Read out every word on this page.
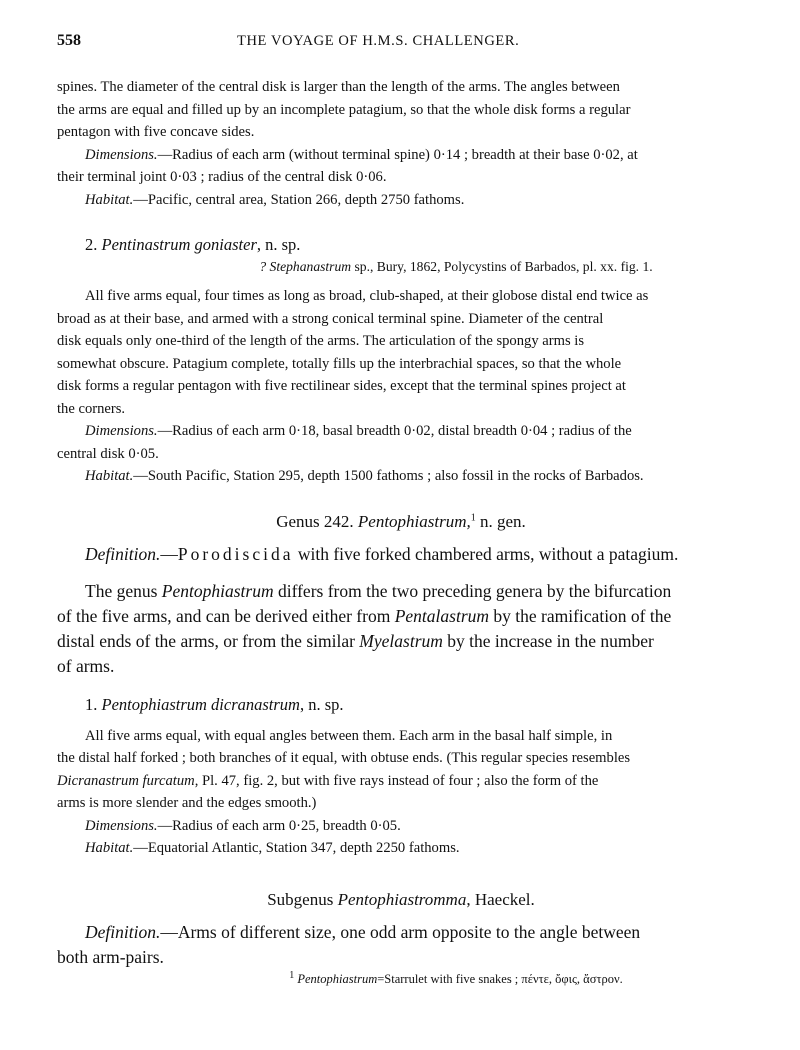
558	THE VOYAGE OF H.M.S. CHALLENGER.

spines. The diameter of the central disk is larger than the length of the arms. The angles between

the arms are equal and filled up by an incomplete patagium, so that the whole disk forms a regular

pentagon with five concave sides.

Dimensions.—Radius of each arm (without terminal spine) 0·14 ; breadth at their base 0·02, at

their terminal joint 0·03 ; radius of the central disk 0·06.

Habitat.—Pacific, central area, Station 266, depth 2750 fathoms.

2. Pentinastrum goniaster, n. sp.

? Stephanastrum sp., Bury, 1862, Polycystins of Barbados, pl. xx. fig. 1.

All five arms equal, four times as long as broad, club-shaped, at their globose distal end twice as

broad as at their base, and armed with a strong conical terminal spine. Diameter of the central

disk equals only one-third of the length of the arms. The articulation of the spongy arms is

somewhat obscure. Patagium complete, totally fills up the interbrachial spaces, so that the whole

disk forms a regular pentagon with five rectilinear sides, except that the terminal spines project at

the corners.

Dimensions.—Radius of each arm 0·18, basal breadth 0·02, distal breadth 0·04 ; radius of the

central disk 0·05.

Habitat.—South Pacific, Station 295, depth 1500 fathoms ; also fossil in the rocks of Barbados.

Genus 242. Pentophiastrum,$^1$ n. gen.

Definition.—Porodiscida with five forked chambered arms, without a patagium.

The genus Pentophiastrum differs from the two preceding genera by the bifurcation

of the five arms, and can be derived either from Pentalastrum by the ramification of the

distal ends of the arms, or from the similar Myelastrum by the increase in the number

of arms.

1. Pentophiastrum dicranastrum, n. sp.

All five arms equal, with equal angles between them. Each arm in the basal half simple, in

the distal half forked ; both branches of it equal, with obtuse ends. (This regular species resembles

Dicranastrum furcatum, Pl. 47, fig. 2, but with five rays instead of four ; also the form of the

arms is more slender and the edges smooth.)

Dimensions.—Radius of each arm 0·25, breadth 0·05.

Habitat.—Equatorial Atlantic, Station 347, depth 2250 fathoms.

Subgenus Pentophiastromma, Haeckel.

Definition.—Arms of different size, one odd arm opposite to the angle between

both arm-pairs.

$^1$ Pentophiastrum=Starrulet with five snakes ; πέντε, ὄφις, ἄστρον.
